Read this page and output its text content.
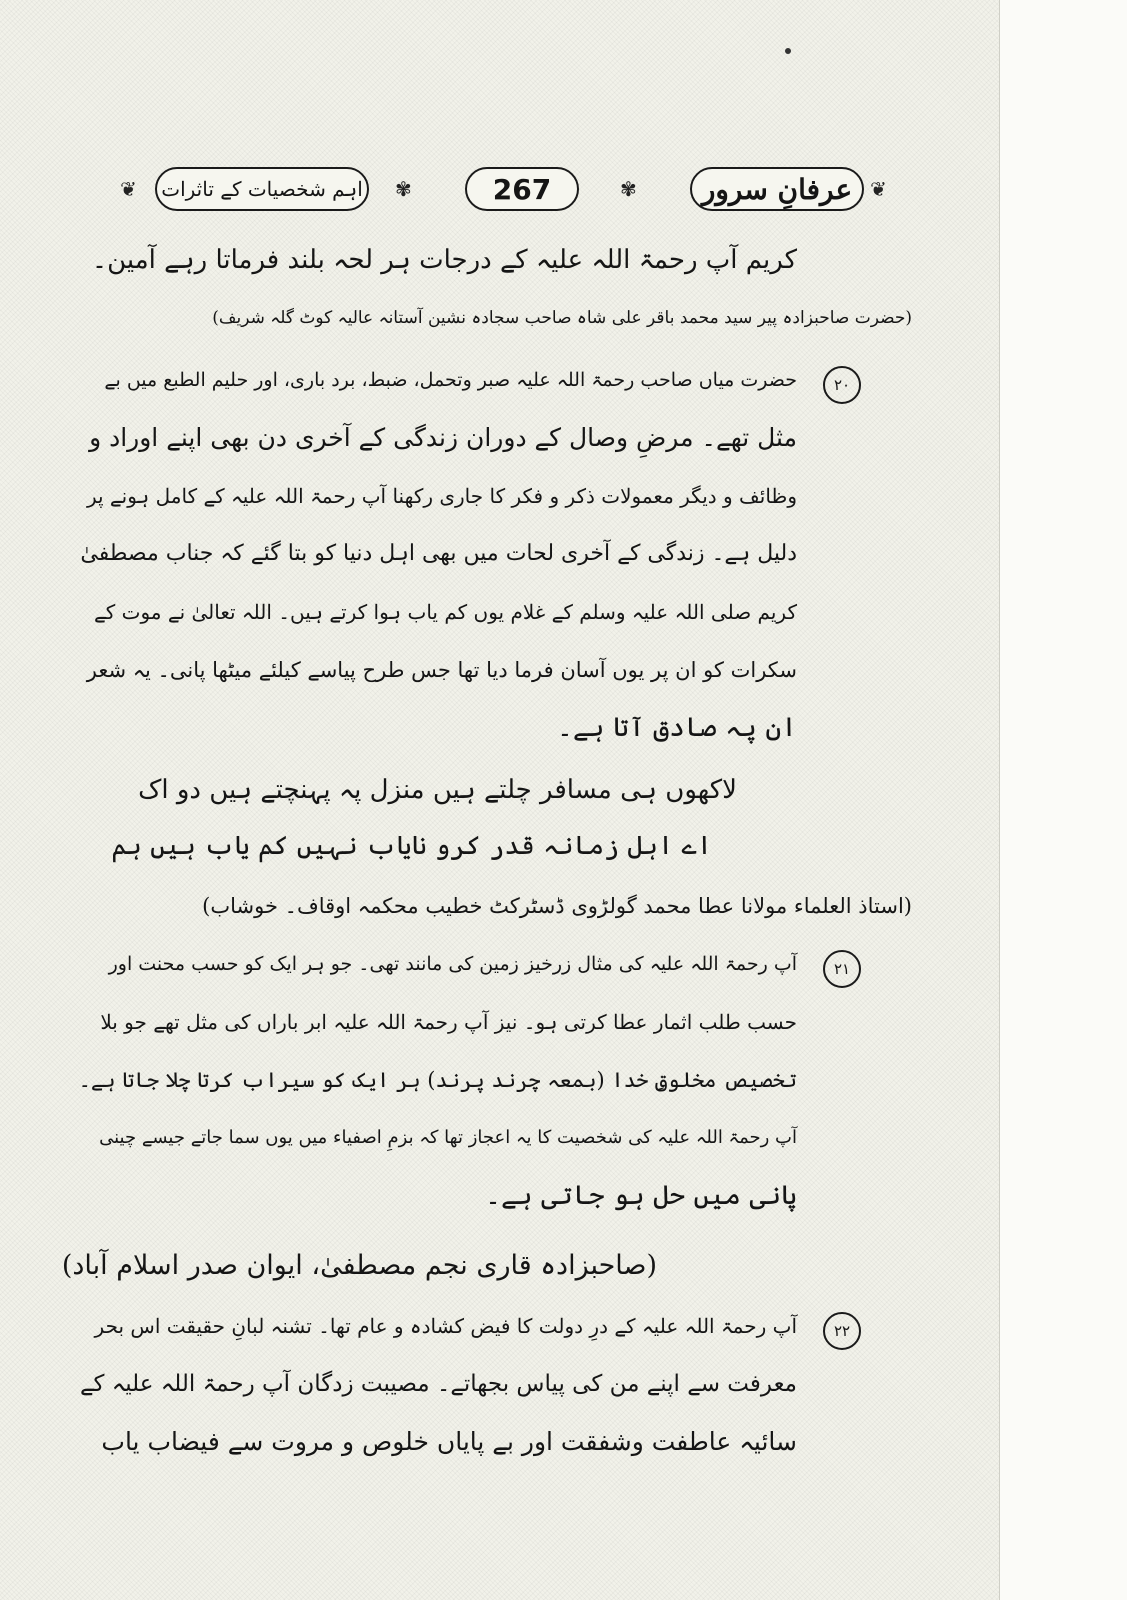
❦	اہم شخصیات کے تاثرات	✾	267	✾	عرفانِ سرور ❦
کریم آپ رحمۃ اللہ علیہ کے درجات ہر لحہ بلند فرماتا رہے آمین۔
(حضرت صاحبزادہ پیر سید محمد باقر علی شاہ صاحب سجادہ نشین آستانہ عالیہ کوٹ گلہ شریف)
۲۰
حضرت میاں صاحب رحمۃ اللہ علیہ صبر وتحمل، ضبط، برد باری، اور حلیم الطبع میں بے
مثل تھے۔ مرضِ وصال کے دوران زندگی کے آخری دن بھی اپنے اوراد و
وظائف و دیگر معمولات ذکر و فکر کا جاری رکھنا آپ رحمۃ اللہ علیہ کے کامل ہونے پر
دلیل ہے۔ زندگی کے آخری لحات میں بھی اہل دنیا کو بتا گئے کہ جناب مصطفیٰ
کریم صلی اللہ علیہ وسلم کے غلام یوں کم یاب ہوا کرتے ہیں۔ اللہ تعالیٰ نے موت کے
سکرات کو ان پر یوں آسان فرما دیا تھا جس طرح پیاسے کیلئے میٹھا پانی۔ یہ شعر
ان پہ صادق آتا ہے۔
لاکھوں ہی مسافر چلتے ہیں منزل پہ پہنچتے ہیں دو اک
اے اہل زمانہ قدر کرو نایاب نہیں کم یاب ہیں ہم
(استاذ العلماء مولانا عطا محمد گولڑوی ڈسٹرکٹ خطیب محکمہ اوقاف۔ خوشاب)
۲۱
آپ رحمۃ اللہ علیہ کی مثال زرخیز زمین کی مانند تھی۔ جو ہر ایک کو حسب محنت اور
حسب طلب اثمار عطا کرتی ہو۔ نیز آپ رحمۃ اللہ علیہ ابر باراں کی مثل تھے جو بلا
تخصیص مخلوقِ خدا (بمعہ چرند پرند) ہر ایک کو سیراب کرتا چلا جاتا ہے۔
آپ رحمۃ اللہ علیہ کی شخصیت کا یہ اعجاز تھا کہ بزمِ اصفیاء میں یوں سما جاتے جیسے چینی
پانی میں حل ہو جاتی ہے۔
(صاحبزادہ قاری نجم مصطفیٰ، ایوان صدر اسلام آباد)
۲۲
آپ رحمۃ اللہ علیہ کے درِ دولت کا فیض کشادہ و عام تھا۔ تشنہ لبانِ حقیقت اس بحر
معرفت سے اپنے من کی پیاس بجھاتے۔ مصیبت زدگان آپ رحمۃ اللہ علیہ کے
سائیہ عاطفت وشفقت اور بے پایاں خلوص و مروت سے فیضاب یاب
